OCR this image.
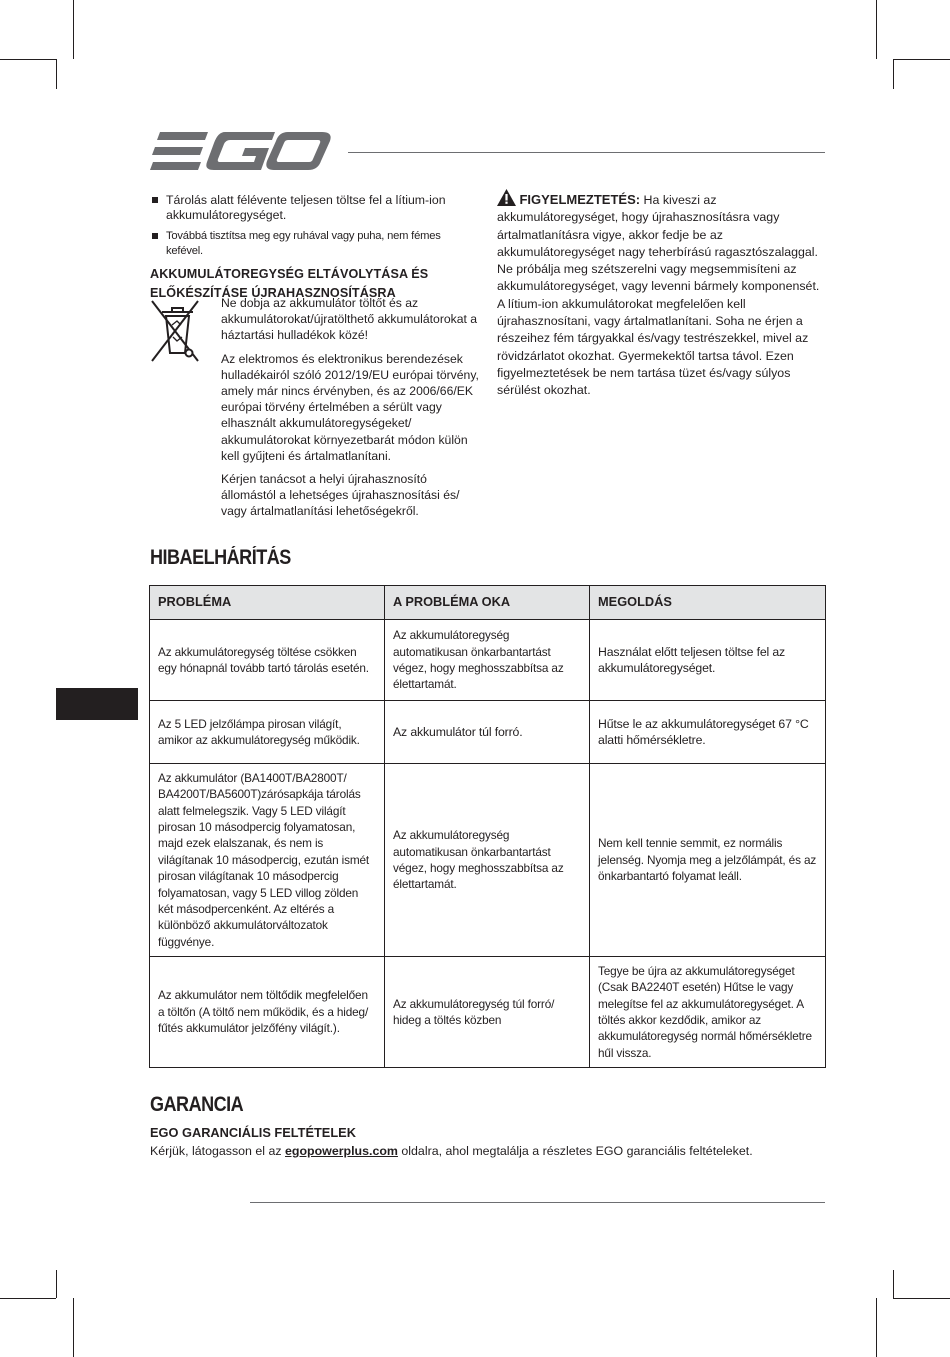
Tárolás alatt félévente teljesen töltse fel a lítium-ion akkumulátoregységet.
Továbbá tisztítsa meg egy ruhával vagy puha, nem fémes kefével.
AKKUMULÁTOREGYSÉG ELTÁVOLYTÁSA ÉS ELŐKÉSZÍTÁSE ÚJRAHASZNOSÍTÁSRA

Ne dobja az akkumulátor töltőt és az akkumulátorokat/újratölthető akkumulátorokat a háztartási hulladékok közé!

Az elektromos és elektronikus berendezések hulladékairól szóló 2012/19/EU európai törvény, amely már nincs érvényben, és az 2006/66/EK európai törvény értelmében a sérült vagy elhasznált akkumulátoregységeket/ akkumulátorokat környezetbarát módon külön kell gyűjteni és ártalmatlanítani.

Kérjen tanácsot a helyi újrahasznosító állomástól a lehetséges újrahasznosítási és/ vagy ártalmatlanítási lehetőségekről.

FIGYELMEZTETÉS: Ha kiveszi az akkumulátoregységet, hogy újrahasznosításra vagy ártalmatlanításra vigye, akkor fedje be az akkumulátoregységet nagy teherbírású ragasztószalaggal. Ne próbálja meg szétszerelni vagy megsemmisíteni az akkumulátoregységet, vagy levenni bármely komponensét. A lítium-ion akkumulátorokat megfelelően kell újrahasznosítani, vagy ártalmatlanítani. Soha ne érjen a részeihez fém tárgyakkal és/vagy testrészekkel, mivel az rövidzárlatot okozhat. Gyermekektől tartsa távol. Ezen figyelmeztetések be nem tartása tüzet és/vagy súlyos sérülést okozhat.
HIBAELHÁRÍTÁS
PROBLÉMA	A PROBLÉMA OKA	MEGOLDÁS
Az akkumulátoregység töltése csökken egy hónapnál tovább tartó tárolás esetén.	Az akkumulátoregység automatikusan önkarbantartást végez, hogy meghosszabbítsa az élettartamát.	Használat előtt teljesen töltse fel az akkumulátoregységet.
Az 5 LED jelzőlámpa pirosan világít, amikor az akkumulátoregység működik.	Az akkumulátor túl forró.	Hűtse le az akkumulátoregységet 67 °C alatti hőmérsékletre.
Az akkumulátor (BA1400T/BA2800T/ BA4200T/BA5600T)zárósapkája tárolás alatt felmelegszik. Vagy 5 LED világít pirosan 10 másodpercig folyamatosan, majd ezek elalszanak, és nem is világítanak 10 másodpercig, ezután ismét pirosan világítanak 10 másodpercig folyamatosan, vagy 5 LED villog zölden két másodpercenként. Az eltérés a különböző akkumulátorváltozatok függvénye.	Az akkumulátoregység automatikusan önkarbantartást végez, hogy meghosszabbítsa az élettartamát.	Nem kell tennie semmit, ez normális jelenség. Nyomja meg a jelzőlámpát, és az önkarbantartó folyamat leáll.
Az akkumulátor nem töltődik megfelelően a töltőn (A töltő nem működik, és a hideg/ fűtés akkumulátor jelzőfény világít.).	Az akkumulátoregység túl forró/ hideg a töltés közben	Tegye be újra az akkumulátoregységet (Csak BA2240T esetén) Hűtse le vagy melegítse fel az akkumulátoregységet. A töltés akkor kezdődik, amikor az akkumulátoregység normál hőmérsékletre hűl vissza.
GARANCIA
EGO GARANCIÁLIS FELTÉTELEK
Kérjük, látogasson el az egopowerplus.com oldalra, ahol megtalálja a részletes EGO garanciális feltételeket.
